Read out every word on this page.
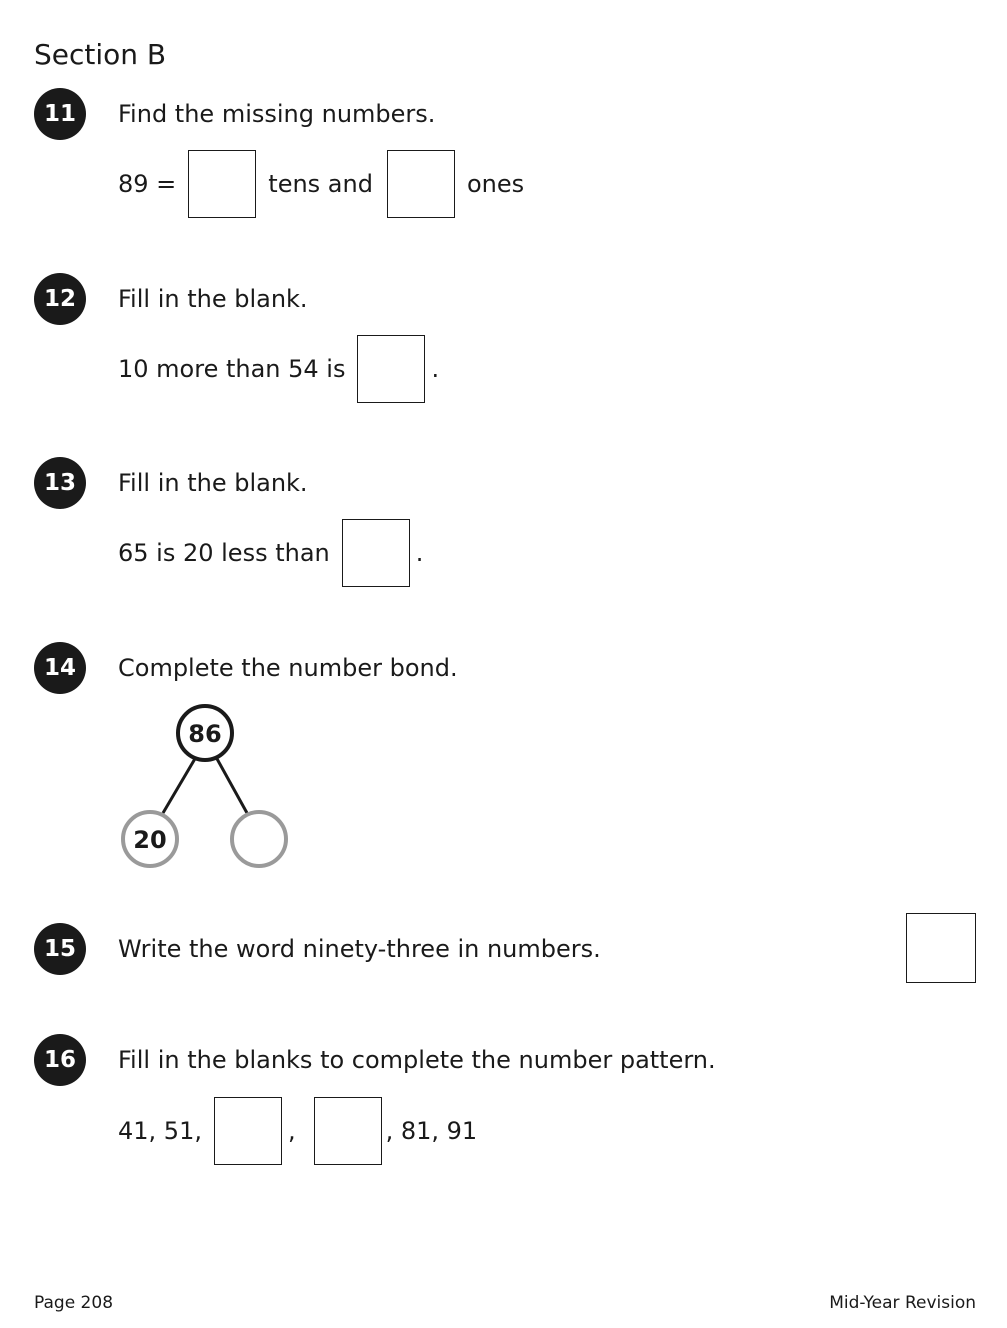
Section B
11	Find the missing numbers.
89 =	tens and	ones
12	Fill in the blank.
10 more than 54 is	.
13	Fill in the blank.
65 is 20 less than	.
14	Complete the number bond.
86
20
15	Write the word ninety-three in numbers.
16	Fill in the blanks to complete the number pattern.
41, 51,	,	, 81, 91
Page 208	Mid-Year Revision
